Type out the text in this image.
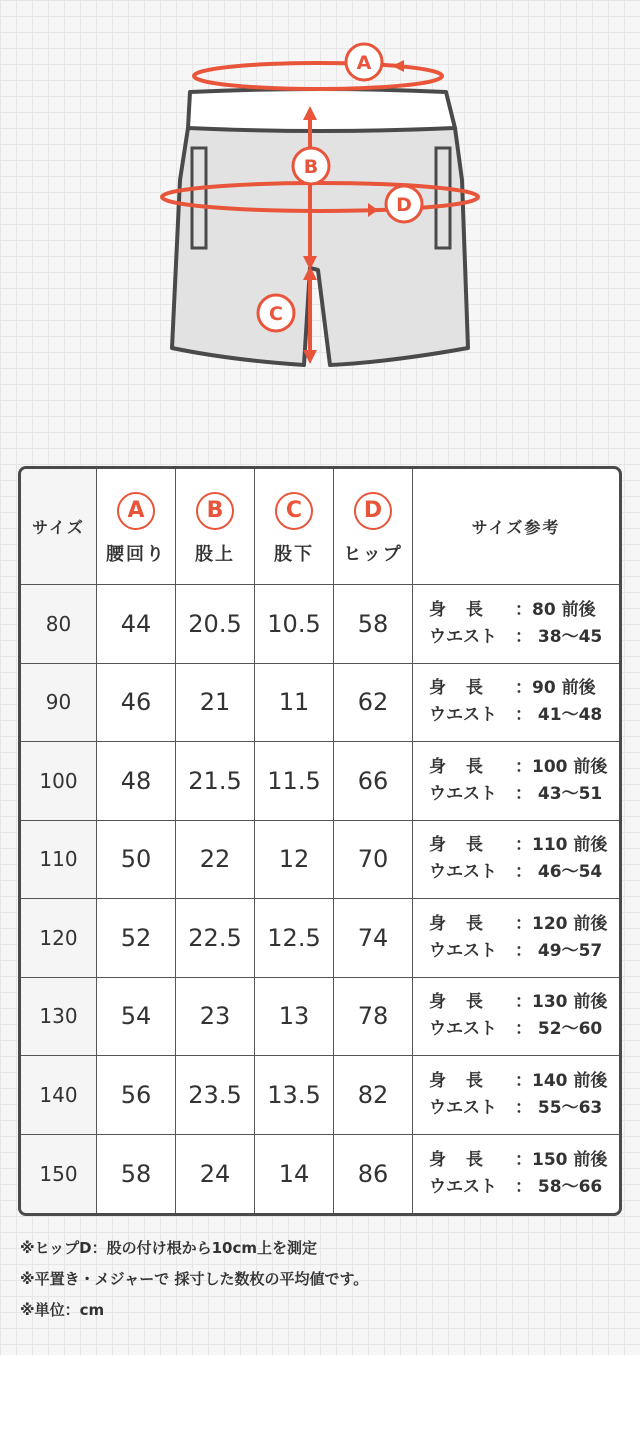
A
B
C
D
サイズ
A
腰回り
B
股上
C
股下
D
ヒップ
サイズ参考
80 44 20.5 10.5 58 身長 ：80 前後
ウエスト	： 38～45
90 46 21 11 62 身長 ：90 前後
ウエスト	： 41～48
100 48 21.5 11.5 66 身長 ：100 前後
ウエスト	： 43～51
110 50 22 12 70 身長 ：110 前後
ウエスト	： 46～54
120 52 22.5 12.5 74 身長 ：120 前後
ウエスト	： 49～57
130 54 23 13 78 身長 ：130 前後
ウエスト	： 52～60
140 56 23.5 13.5 82 身長 ：140 前後
ウエスト	： 55～63
150 58 24 14 86 身長 ：150 前後
ウエスト	： 58～66
※ヒップD：股の付け根から10cm上を測定
※平置き・メジャーで 採寸した数枚の平均値です。
※単位：cm
